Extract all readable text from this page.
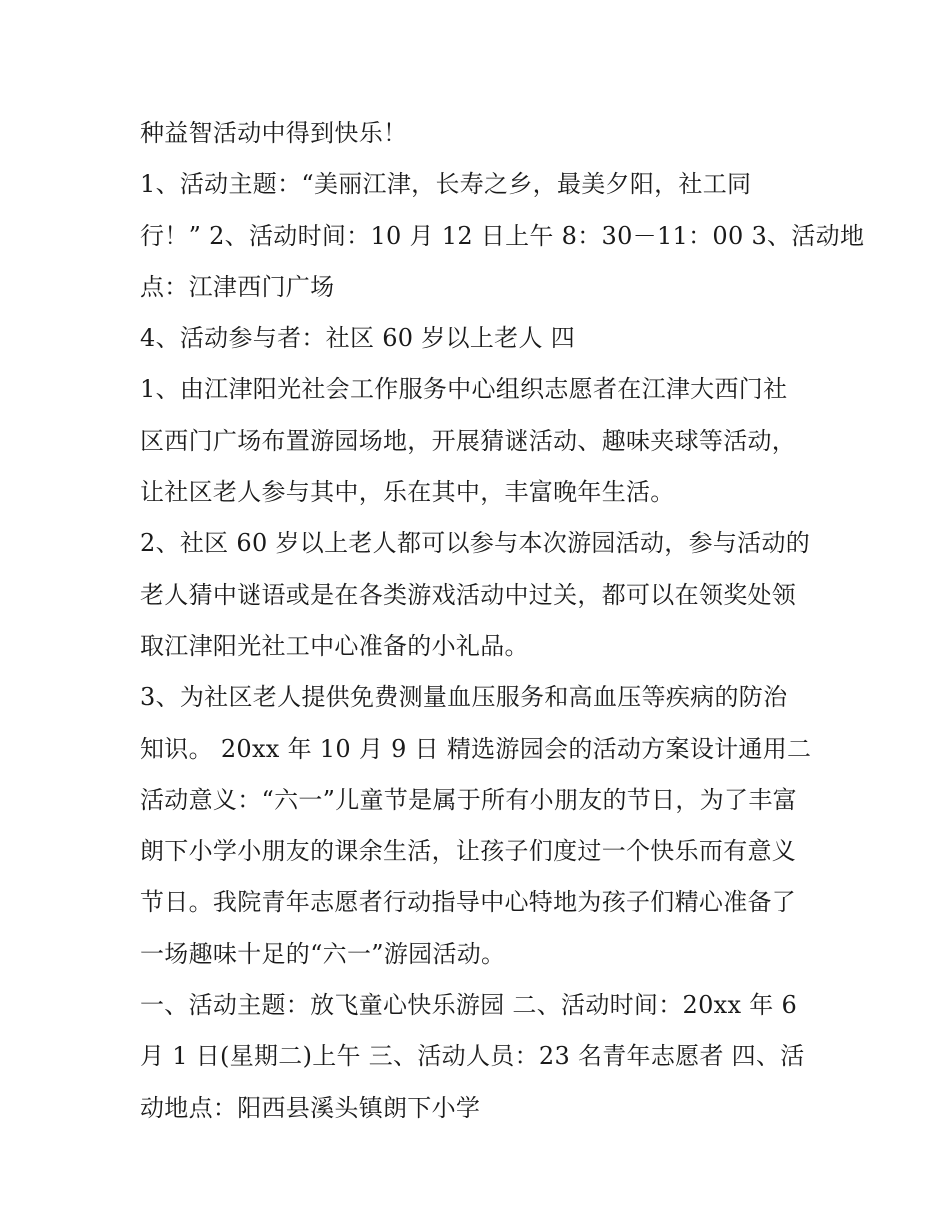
种益智活动中得到快乐！
1、活动主题：“美丽江津，长寿之乡，最美夕阳，社工同
行！” 2、活动时间：10 月 12 日上午 8：30－11：00 3、活动地
点：江津西门广场
4、活动参与者：社区 60 岁以上老人 四
1、由江津阳光社会工作服务中心组织志愿者在江津大西门社
区西门广场布置游园场地，开展猜谜活动、趣味夹球等活动，
让社区老人参与其中，乐在其中，丰富晚年生活。
2、社区 60 岁以上老人都可以参与本次游园活动，参与活动的
老人猜中谜语或是在各类游戏活动中过关，都可以在领奖处领
取江津阳光社工中心准备的小礼品。
3、为社区老人提供免费测量血压服务和高血压等疾病的防治
知识。 20xx 年 10 月 9 日 精选游园会的活动方案设计通用二
活动意义：“六一”儿童节是属于所有小朋友的节日，为了丰富
朗下小学小朋友的课余生活，让孩子们度过一个快乐而有意义
节日。我院青年志愿者行动指导中心特地为孩子们精心准备了
一场趣味十足的“六一”游园活动。
一、活动主题：放飞童心快乐游园 二、活动时间：20xx 年 6
月 1 日(星期二)上午 三、活动人员：23 名青年志愿者 四、活
动地点：阳西县溪头镇朗下小学
